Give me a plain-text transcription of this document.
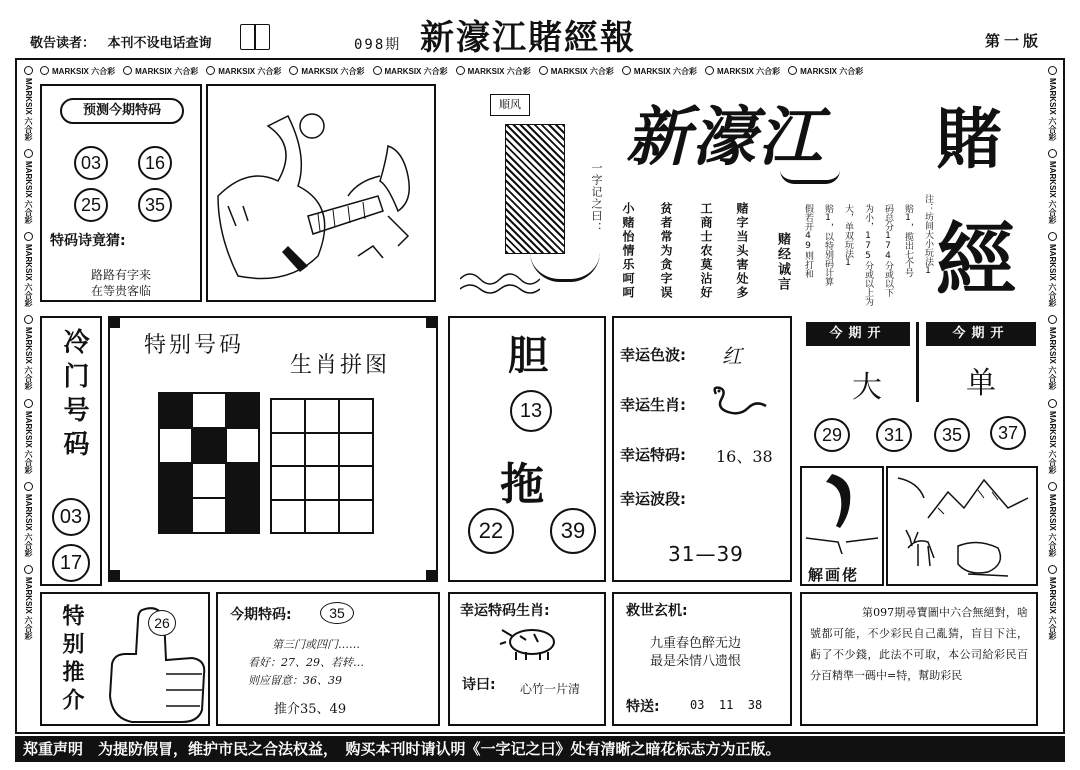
敬告读者： 本刊不设电话查询	098期 新濠江賭經報	第一版
MARKSIX 六合彩	MARKSIX 六合彩	MARKSIX 六合彩	MARKSIX 六合彩	MARKSIX 六合彩	MARKSIX 六合彩	MARKSIX 六合彩	MARKSIX 六合彩	MARKSIX 六合彩	MARKSIX 六合彩
MARKSIX 六合彩MARKSIX 六合彩MARKSIX 六合彩MARKSIX 六合彩MARKSIX 六合彩MARKSIX 六合彩MARKSIX 六合彩
MARKSIX 六合彩MARKSIX 六合彩MARKSIX 六合彩MARKSIX 六合彩MARKSIX 六合彩MARKSIX 六合彩MARKSIX 六合彩
预测今期特码
03	16
25	35
特码诗竟猜:
路路有字来
在等贵客临
順风
一字记之曰：
赌经诚言
赌字当头害处多
工商士农莫沾好
贫者常为贪字误
小赌怡情乐呵呵
新濠江 賭
經
注：坊间大小玩法1
赔1，揽出七个号
码总分174分或以下
为小，175分或以上为
大，单双玩法1
赔1，以特别码计算
假若开49则打和
冷门号码
03
17
特别号码
生肖拼图	胆
13
拖
22	39
幸运色波: 红
幸运生肖:
幸运特码: 16、38
幸运波段:
31—39
今期开	今期开
大	单
29	31	35	37
解画佬
第097期尋寶圖中六合無絕對，啥號都可能，不少彩民自己亂猜，盲目下注，虧了不少錢，此法不可取，本公司給彩民百分百精準一碼中=特，幫助彩民
特别推介	26	今期特码:	35
第三门或四门……
看好：27、29、若转…
则应留意：36、39
推介35、49
幸运特码生肖:
诗曰: 心竹一片清
救世玄机:
九重春色醉无边
最是朵情八遗恨
特送:	03  11  38
郑重声明　为提防假冒，维护市民之合法权益，　购买本刊时请认明《一字记之曰》处有清晰之暗花标志方为正版。
